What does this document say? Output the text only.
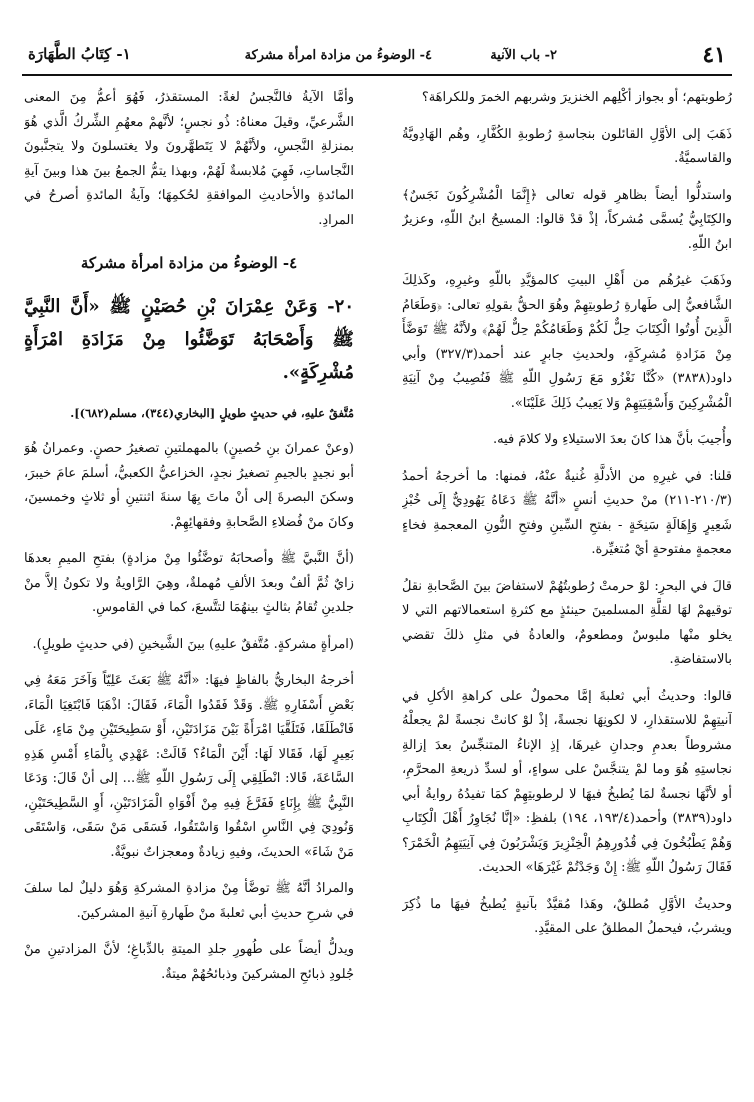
٤١
٢- باب الآنية
٤- الوضوءُ من مزادة امرأة مشركة
١- كِتَابُ الطَّهَارَة

رُطوبتهم؛ أو بجواز أكْلِهم الخنزيرَ وشربهم الخمرَ وللكراهَة؟

ذَهَبَ إلى الأوَّلِ القائلون بنجاسةِ رُطوبةِ الكُفَّارِ، وهُم الهَادِويَّةُ والقاسميَّةُ.

واستدلُّوا أيضاً بظاهرِ قوله تعالى ﴿إِنَّمَا الْمُشْرِكُونَ نَجَسٌ﴾ والكِتَابِيُّ يُسمَّى مُشركاً، إذْ قدْ قالوا: المسيحُ ابنُ اللّهِ، وعزيرٌ ابنُ اللّهِ.

وذَهَبَ غيرُهُم من أَهْلِ البيتِ كالمؤيَّدِ باللّهِ وغيرِهِ، وكَذلِكَ الشَّافعيُّ إلى طَهارةِ رُطوبتِهِمْ وهُوَ الحقُّ بقولِهِ تعالى: ﴿وَطَعَامُ الَّذِينَ أُوتُوا الْكِتَابَ حِلٌّ لَكُمْ وَطَعَامُكُمْ حِلٌّ لَهُمْ﴾ ولأنَّهُ ﷺ تَوَضَّأَ مِنْ مَزَادةِ مُشرِكَةٍ، ولحديثِ جابرٍ عند أحمد(٣٢٧/٣) وأبي داود(٣٨٣٨) «كُنَّا نَغْزُو مَعَ رَسُولِ اللّهِ ﷺ فَنُصِيبُ مِنْ آنِيَةِ الْمُشْرِكِينَ وَأَسْقِيَتِهِمْ وَلا يَعِيبُ ذَلِكَ عَلَيْنَا».

وأُجيبَ بأنَّ هذا كانَ بعدَ الاستيلاءِ ولا كلامَ فيه.

قلنا: في غيرِهِ من الأدلَّةِ غُنيةٌ عنْهُ، فمنها: ما أخرجهُ أحمدُ (٢١٠/٣-٢١١) منْ حديثِ أنسٍ «أنَّهُ ﷺ دَعَاهُ يَهُودِيٌّ إِلَى خُبْزِ شَعِيرٍ وَإِهَالَةٍ سَنِخَةٍ - بفتحِ السِّينِ وفتحِ النُّونِ المعجمةِ فخاءٍ معجمةٍ مفتوحةٍ أيْ مُتغيِّرة.

قالَ في البحرِ: لوْ حرمتْ رُطوبتُهُمْ لاستفاضَ بينَ الصَّحابةِ نقلُ توقيهمْ لهَا لقلَّةِ المسلمينَ حينئذٍ مع كثرةِ استعمالاتهم التي لا يخلو منْها ملبوسٌ ومطعومٌ، والعادةُ في مثلِ ذلكَ تقضي بالاستفاضةِ.

قالوا: وحديثُ أبي ثعلبةَ إمَّا محمولٌ على كراهةِ الأكلِ في آنيتِهِمْ للاستقذارِ، لا لكونِهَا نجسةً، إذْ لوْ كانتْ نجسةً لمْ يجعلْهُ مشروطاً بعدمِ وجدانِ غيرهَا، إذِ الإناءُ المتنجِّسُ بعدَ إزالةِ نجاستِهِ هُوَ وما لمْ يتنجَّسْ على سواءٍ، أو لسدِّ ذريعةِ المحرَّمِ، أو لأنَّهَا نجسةٌ لمَا يُطبخُ فيهَا لا لرطوبتِهِمْ كمَا تفيدُهُ روايةُ أبي داود(٣٨٣٩) وأحمد(١٩٣/٤، ١٩٤) بلفظِ: «إنَّا نُجَاوِرُ أَهْلَ الْكِتَابِ وَهُمْ يَطْبُخُونَ فِي قُدُورِهِمُ الْخِنْزِيرَ وَيَشْرَبُونَ فِي آنِيَتِهِمُ الْخَمْرَ؟ فَقَالَ رَسُولُ اللّهِ ﷺ: إِنْ وَجَدْتُمْ غَيْرَهَا» الحديث.

وحديثُ الأوَّلِ مُطلقٌ، وهَذا مُقيَّدٌ بآنيةٍ يُطبخُ فيهَا ما ذُكِرَ ويشربُ، فيحملُ المطلقُ على المقيَّدِ.

وأمَّا الآيةُ فالنَّجسُ لغةً: المستقذرُ، فَهُوَ أعمُّ مِنَ المعنى الشَّرعيِّ، وقيلَ معناهُ: ذُو نجسٍ؛ لأنَّهمْ معهُمِ الشِّركُ الَّذي هُوَ بمنزلةِ النَّجسِ، ولأنَّهُمْ لا يَتَطهَّرونَ ولا يغتسلونَ ولا يتجنَّبونَ النَّجاساتِ، فَهِيَ مُلابسةٌ لَهُمْ، وبهذا يتمُّ الجمعُ بينَ هذا وبينَ آيةِ المائدةِ والأحاديثِ الموافقةِ لحُكمِهَا؛ وآيةُ المائدةِ أصرحُ في المرادِ.

٤- الوضوءُ من مزادة امرأة مشركة

٢٠- وَعَنْ عِمْرَانَ بْنِ حُصَيْنٍ ﷺ «أَنَّ النَّبِيَّ ﷺ وَأَصْحَابَهُ تَوَضَّئُوا مِنْ مَزَادَةِ امْرَأَةٍ مُشْرِكَةٍ».

مُتَّفقٌ عليهِ، في حديثٍ طويلٍ [البخاري(٣٤٤)، مسلم(٦٨٢)].

(وعنْ عمرانَ بنِ حُصينٍ) بالمهملتينِ تصغيرُ حصنٍ. وعمرانُ هُوَ أبو نجيدٍ بالجيمِ تصغيرُ نجدٍ، الخزاعيُّ الكعبيُّ، أسلمَ عامَ خيبرَ، وسكنَ البصرةَ إلى أنْ ماتَ بِهَا سنةَ اثنتينِ أو ثلاثٍ وخمسينَ، وكانَ منْ فُضلاءِ الصَّحابةِ وفقهائِهِمْ.

(أنَّ النَّبيَّ ﷺ وأصحابَهُ توضَّئُوا مِنْ مزادةٍ) بفتحِ الميمِ بعدهَا زايٌ ثُمَّ ألفٌ وبعدَ الألفِ مُهملةٌ، وهِيَ الرَّاويةُ ولا تكونُ إلاَّ منْ جلدينِ تُقامُ بثالثٍ بينهُمَا لتتَّسعَ، كما في القاموسِ.

(امرأةٍ مشركةٍ. مُتَّفقٌ عليهِ) بينَ الشَّيخينِ (في حديثٍ طويلٍ).

أخرجهُ البخاريُّ بالفاظٍ فيهَا: «أنَّهُ ﷺ بَعَثَ عَلِيّاً وَآخَرَ مَعَهُ فِي بَعْضِ أَسْفَارِهِ ﷺ. وَقَدْ فَقَدُوا الْمَاءَ، فَقَالَ: اذْهَبَا فَابْتَغِيَا الْمَاءَ، فَانْطَلَقَا، فَتَلَقَّيَا امْرَأَةً بَيْنَ مَزَادَتَيْنِ، أَوْ سَطِيحَتَيْنِ مِنْ مَاءٍ، عَلَى بَعِيرٍ لَهَا، فَقَالا لَهَا: أَيْنَ الْمَاءُ؟ قَالَتْ: عَهْدِي بِالْمَاءِ أَمْسِ هَذِهِ السَّاعَةَ، قَالا: انْطَلِقِي إِلَى رَسُولِ اللّهِ ﷺ... إلى أنْ قَالَ: وَدَعَا النَّبِيُّ ﷺ بِإِنَاءٍ فَفَرَّغَ فِيهِ مِنْ أَفْوَاهِ الْمَزَادَتَيْنِ، أَوِ السَّطِيحَتَيْنِ، وَنُودِيَ فِي النَّاسِ اسْقُوا وَاسْتَقُوا، فَسَقَى مَنْ سَقَى، وَاسْتَقَى مَنْ شَاءَ» الحديثَ، وفيهِ زيادةٌ ومعجزاتٌ نبويَّةٌ.

والمرادُ أنَّهُ ﷺ توضَّأ مِنْ مزادةِ المشركةِ وَهُوَ دليلٌ لما سلفَ في شرحِ حديثِ أبي ثعلبةَ منْ طَهارةِ آنيةِ المشركينَ.

ويدلُّ أيضاً على طُهورِ جلدِ الميتةِ بالدِّباغِ؛ لأنَّ المزادتينِ منْ جُلودِ ذبائحِ المشركينَ وذبائحُهُمْ ميتةٌ.
